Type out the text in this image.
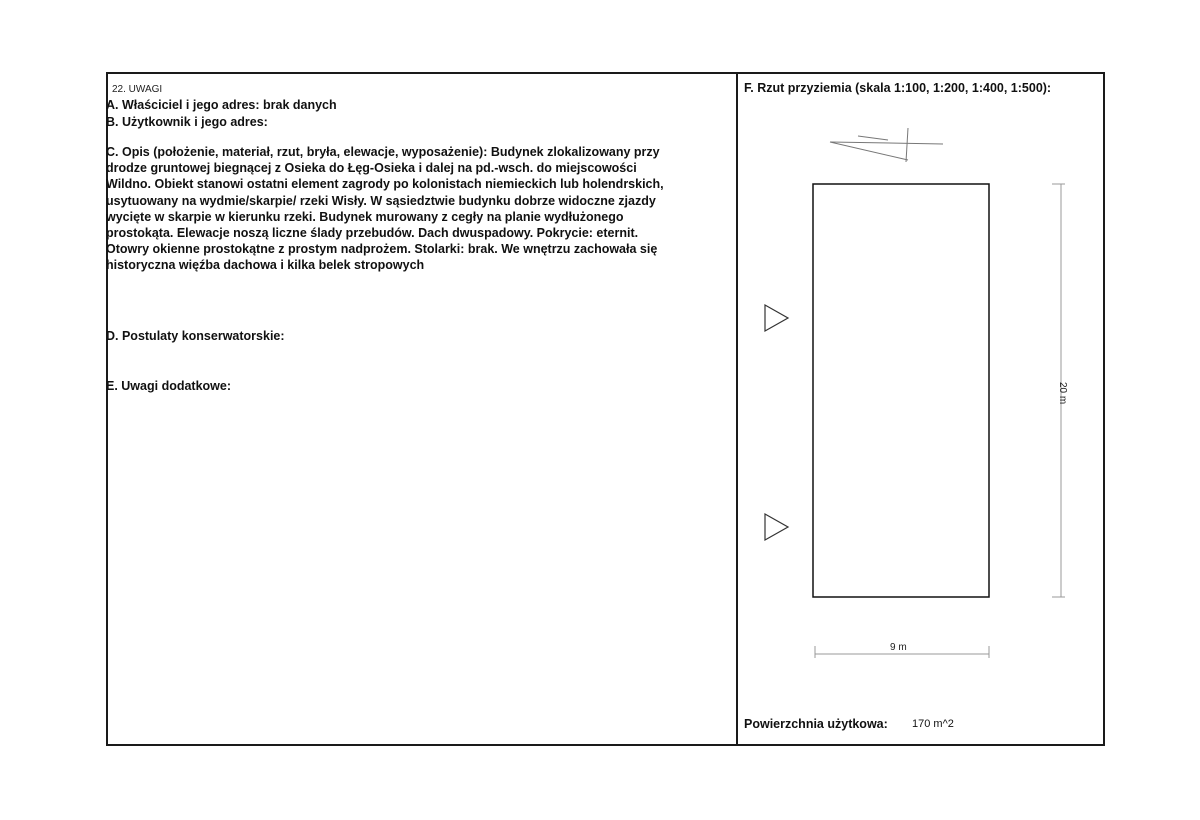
22. UWAGI
A. Właściciel i jego adres: brak danych
B. Użytkownik i jego adres:
C. Opis (położenie, materiał, rzut, bryła, elewacje, wyposażenie): Budynek zlokalizowany przy
drodze gruntowej biegnącej z Osieka do Łęg-Osieka i dalej na pd.-wsch. do miejscowości
Wildno. Obiekt stanowi ostatni element zagrody po kolonistach niemieckich lub holendrskich,
usytuowany na wydmie/skarpie/ rzeki Wisły. W sąsiedztwie budynku dobrze widoczne zjazdy
wycięte w skarpie w kierunku rzeki. Budynek murowany z cegły na planie wydłużonego
prostokąta. Elewacje noszą liczne ślady przebudów. Dach dwuspadowy. Pokrycie: eternit.
Otowry okienne prostokątne z prostym nadprożem. Stolarki: brak. We wnętrzu zachowała się
historyczna więźba dachowa i kilka belek stropowych
D. Postulaty konserwatorskie:
E. Uwagi dodatkowe:
F. Rzut przyziemia (skala 1:100, 1:200, 1:400, 1:500):
20 m
9 m
Powierzchnia użytkowa: 170 m^2
